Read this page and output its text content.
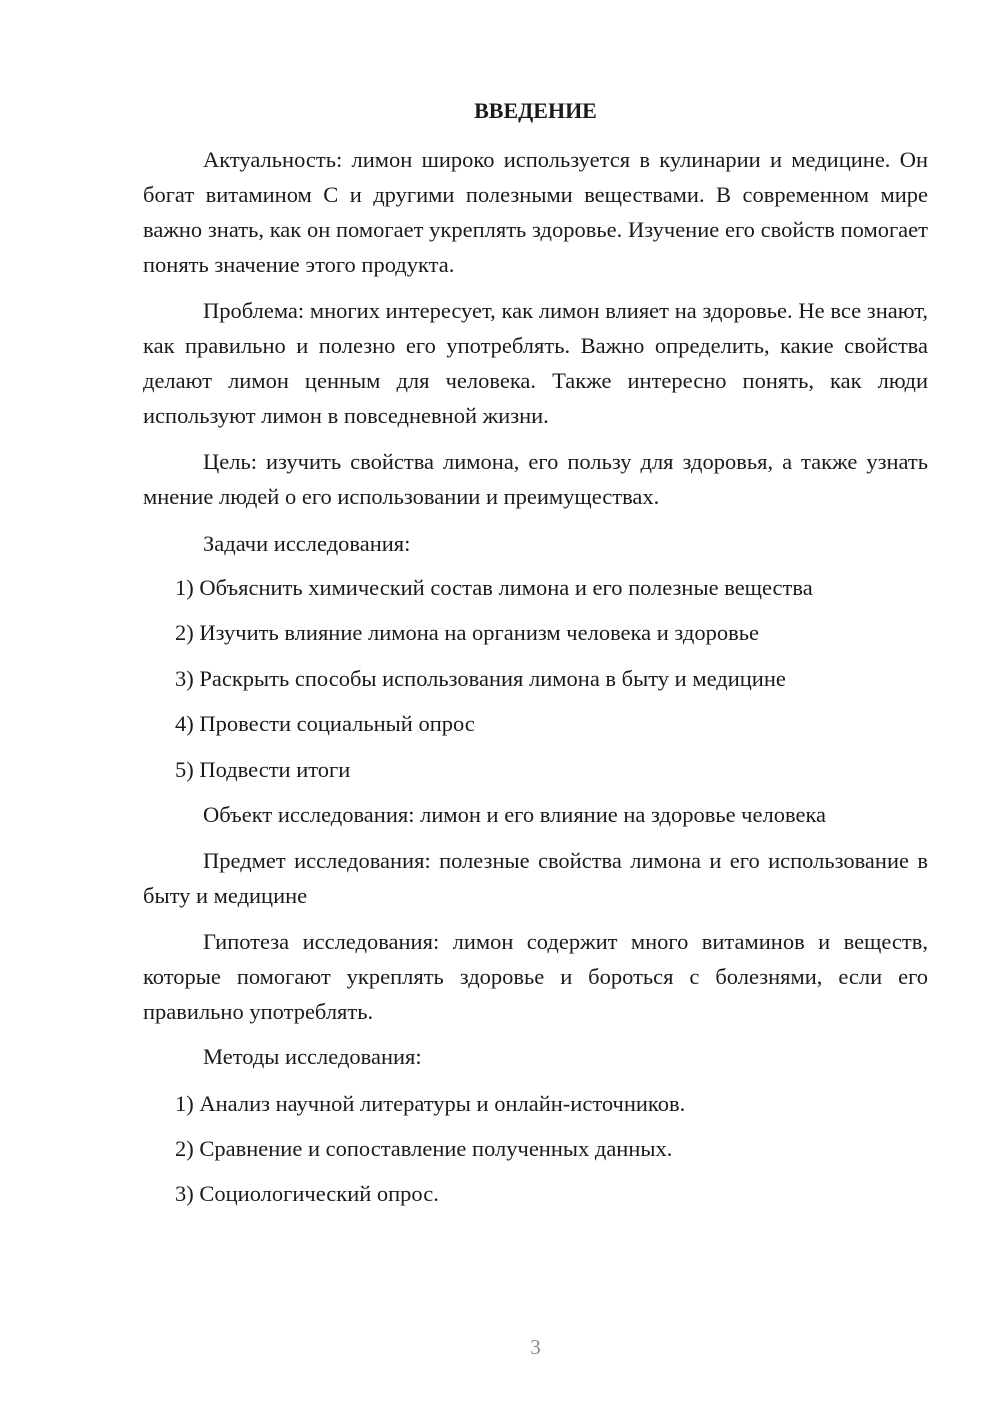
ВВЕДЕНИЕ

Актуальность: лимон широко используется в кулинарии и медицине. Он богат витамином С и другими полезными веществами. В современном мире важно знать, как он помогает укреплять здоровье. Изучение его свойств помогает понять значение этого продукта.

Проблема: многих интересует, как лимон влияет на здоровье. Не все знают, как правильно и полезно его употреблять. Важно определить, какие свойства делают лимон ценным для человека. Также интересно понять, как люди используют лимон в повседневной жизни.

Цель: изучить свойства лимона, его пользу для здоровья, а также узнать мнение людей о его использовании и преимуществах.

Задачи исследования:

1) Объяснить химический состав лимона и его полезные вещества

2) Изучить влияние лимона на организм человека и здоровье

3) Раскрыть способы использования лимона в быту и медицине

4) Провести социальный опрос

5) Подвести итоги

Объект исследования: лимон и его влияние на здоровье человека

Предмет исследования: полезные свойства лимона и его использование в быту и медицине

Гипотеза исследования: лимон содержит много витаминов и веществ, которые помогают укреплять здоровье и бороться с болезнями, если его правильно употреблять.

Методы исследования:

1) Анализ научной литературы и онлайн-источников.

2) Сравнение и сопоставление полученных данных.

3) Социологический опрос.

3
